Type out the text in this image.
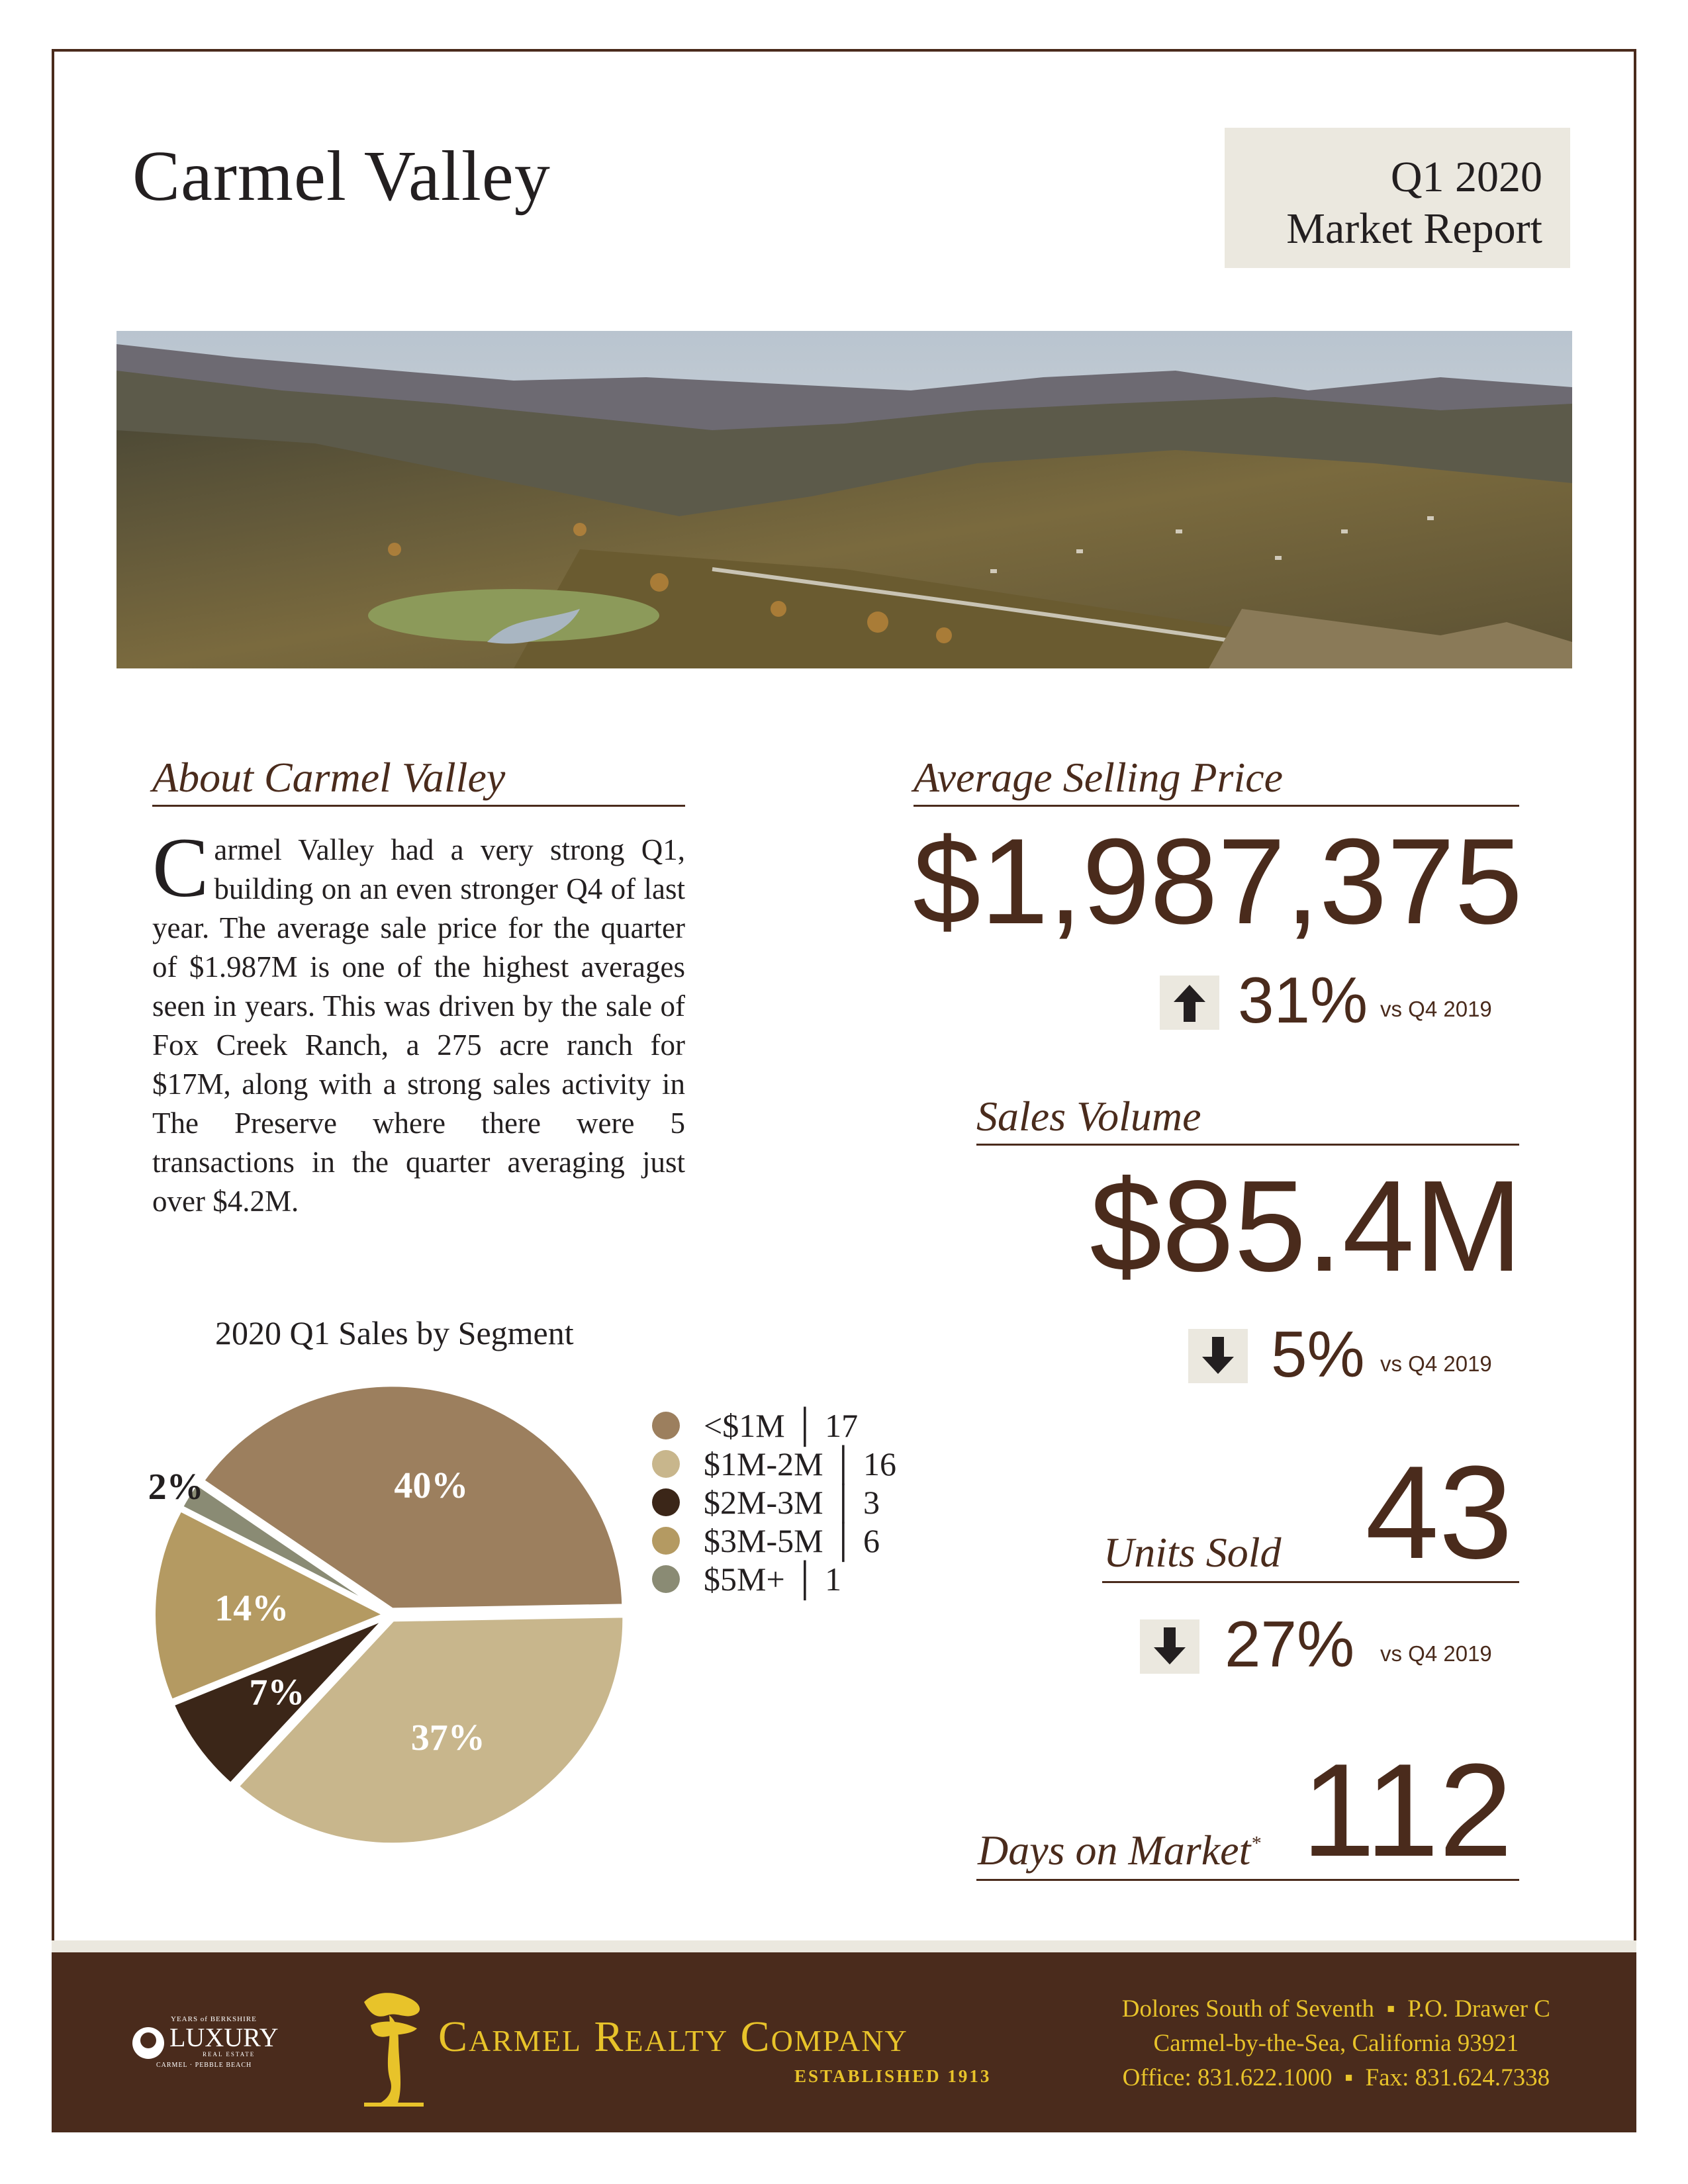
Carmel Valley	Q1 2020
Market Report
About Carmel Valley
Carmel Valley had a very strong Q1, building on an even stronger Q4 of last year. The average sale price for the quarter of $1.987M is one of the highest averages seen in years. This was driven by the sale of Fox Creek Ranch, a 275 acre ranch for $17M, along with a strong sales activity in The Preserve where there were 5 transactions in the quarter averaging just over $4.2M.
Average Selling Price
$1,987,375
31% vs Q4 2019
Sales Volume
$85.4M
5% vs Q4 2019
Units Sold 43
27% vs Q4 2019
Days on Market* 112
2020 Q1 Sales by Segment
40%
37%
7%
14%
2%
<$1M │ 17
$1M-2M │ 16
$2M-3M │ 3
$3M-5M │ 6
$5M+ │ 1
YEARS of BERKSHIRE
LUXURY
REAL ESTATE
CARMEL · PEBBLE BEACH
Carmel Realty Company
ESTABLISHED 1913
Dolores South of Seventh  ▪  P.O. Drawer C
Carmel-by-the-Sea, California 93921
Office: 831.622.1000  ▪  Fax: 831.624.7338
